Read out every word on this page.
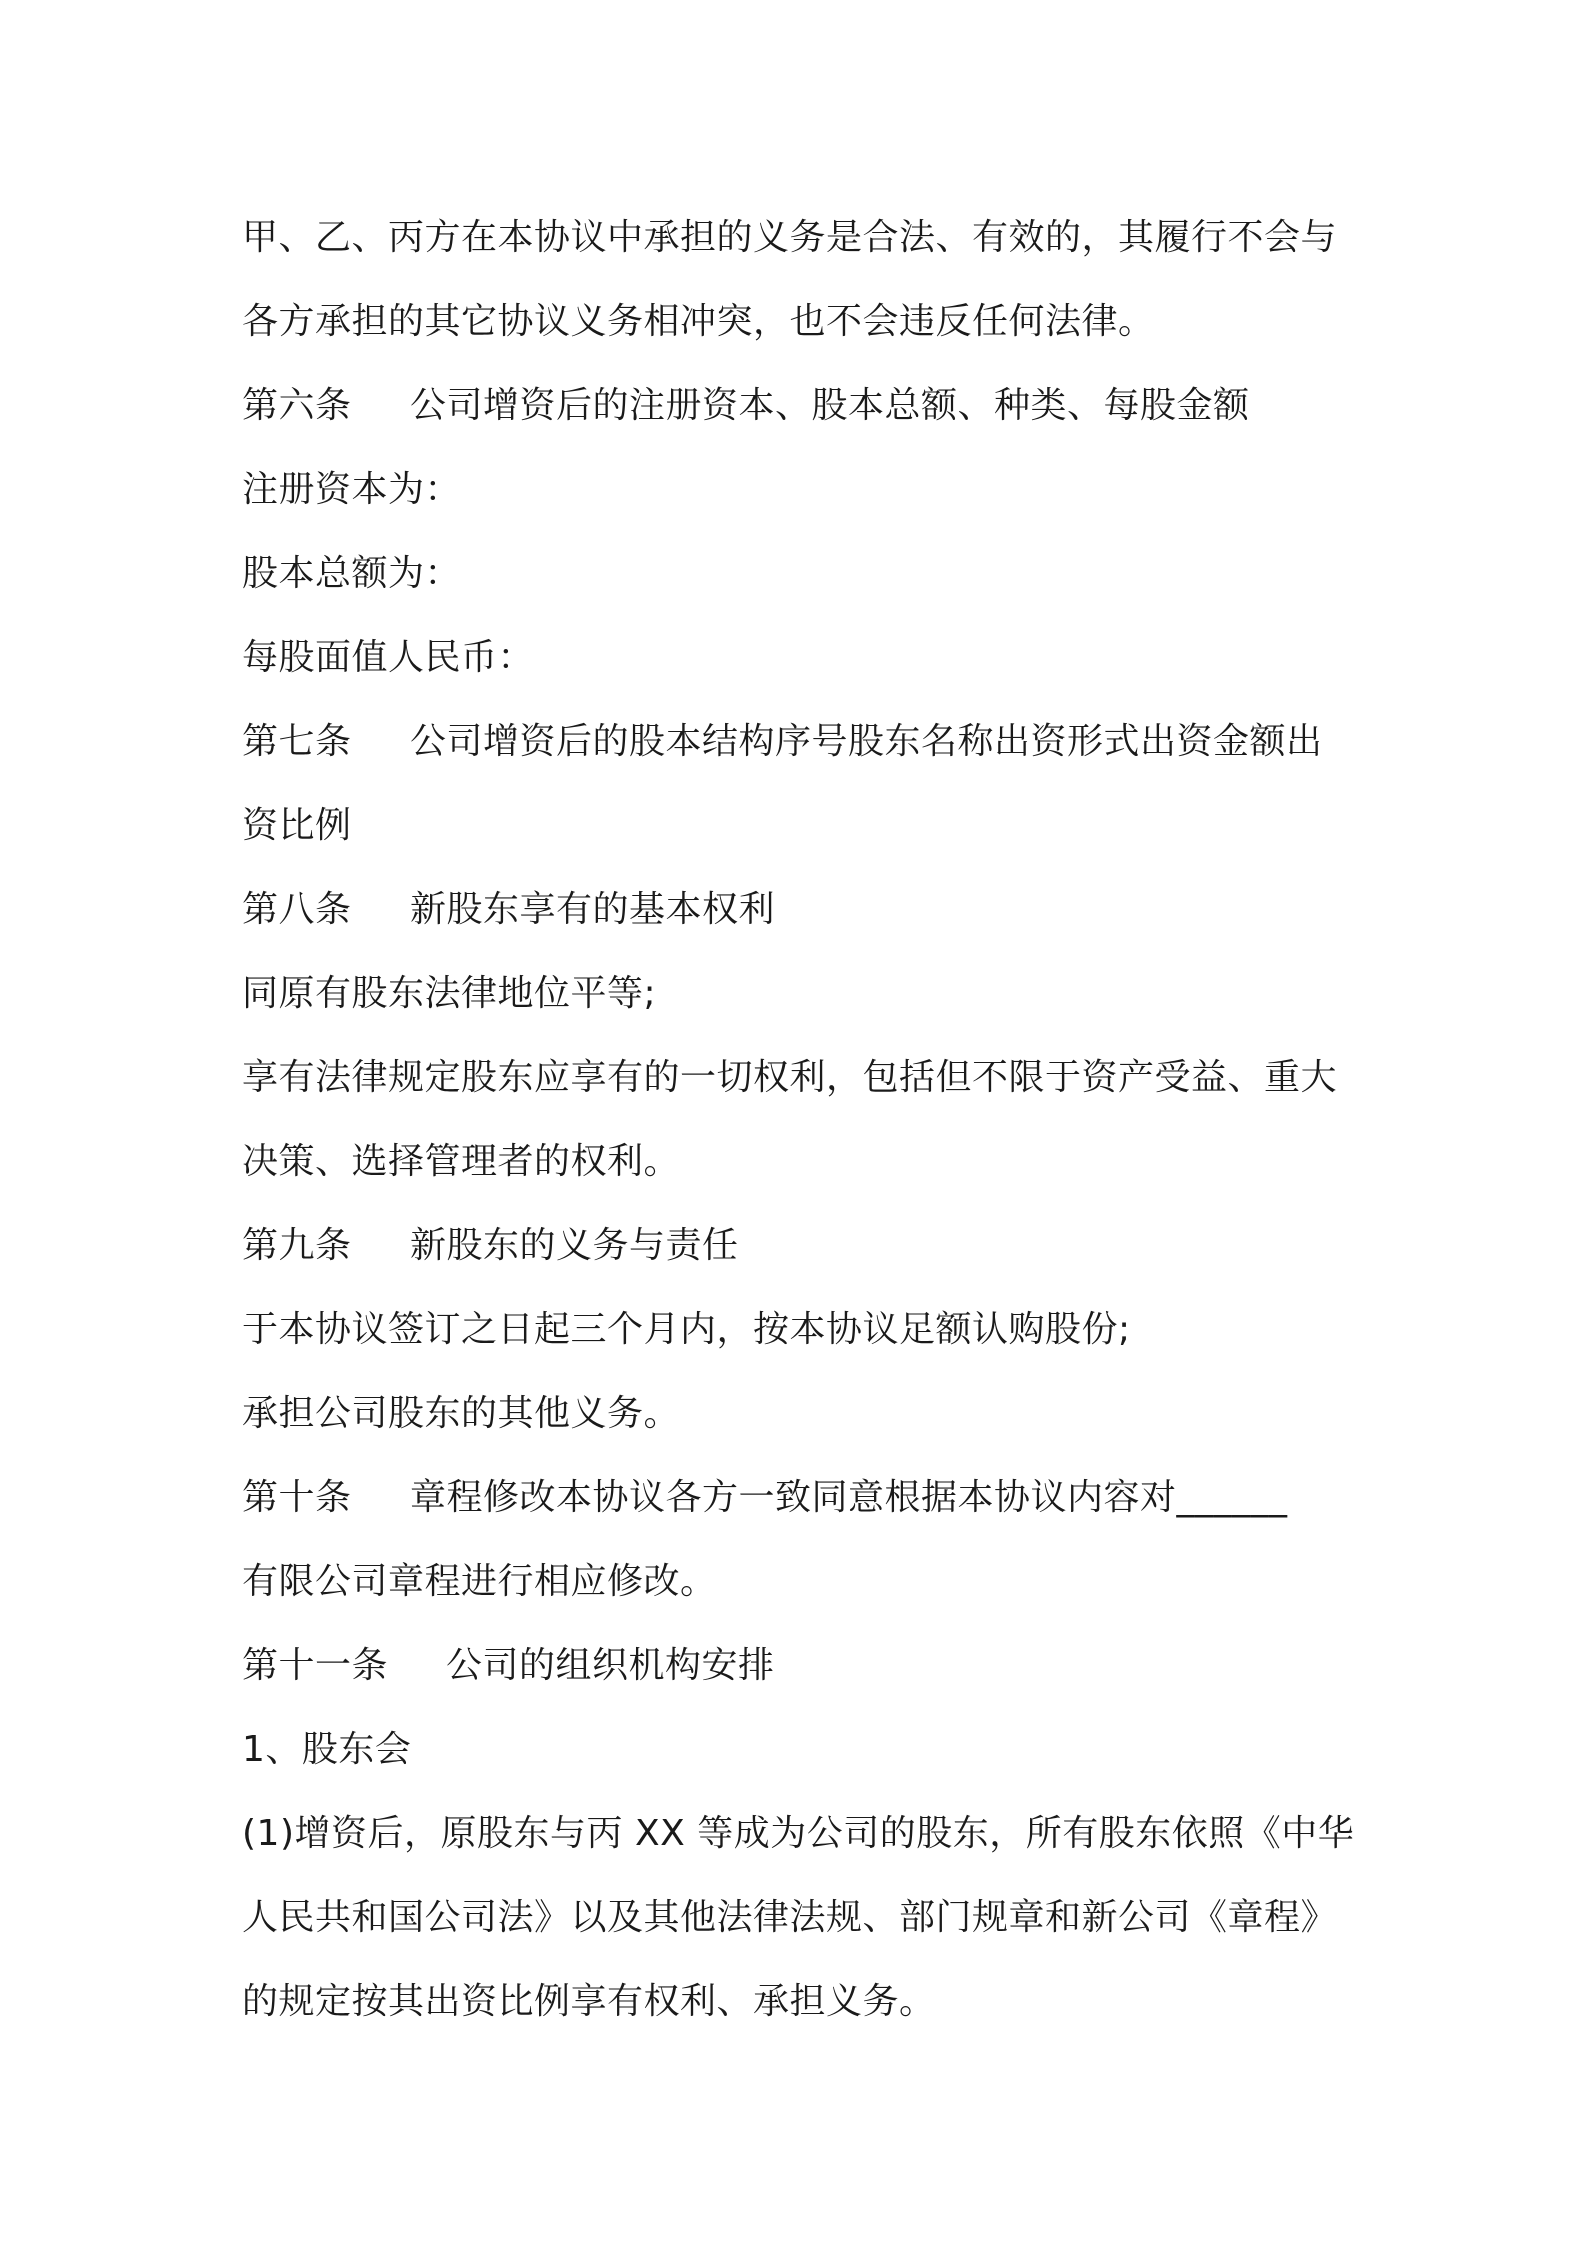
甲、乙、丙方在本协议中承担的义务是合法、有效的，其履行不会与
各方承担的其它协议义务相冲突，也不会违反任何法律。
第六条 公司增资后的注册资本、股本总额、种类、每股金额
注册资本为：
股本总额为：
每股面值人民币：
第七条 公司增资后的股本结构序号股东名称出资形式出资金额出
资比例
第八条 新股东享有的基本权利
同原有股东法律地位平等;
享有法律规定股东应享有的一切权利，包括但不限于资产受益、重大
决策、选择管理者的权利。
第九条 新股东的义务与责任
于本协议签订之日起三个月内，按本协议足额认购股份;
承担公司股东的其他义务。
第十条 章程修改本协议各方一致同意根据本协议内容对______
有限公司章程进行相应修改。
第十一条 公司的组织机构安排
1、股东会
(1)增资后，原股东与丙 XX 等成为公司的股东，所有股东依照《中华
人民共和国公司法》以及其他法律法规、部门规章和新公司《章程》
的规定按其出资比例享有权利、承担义务。
